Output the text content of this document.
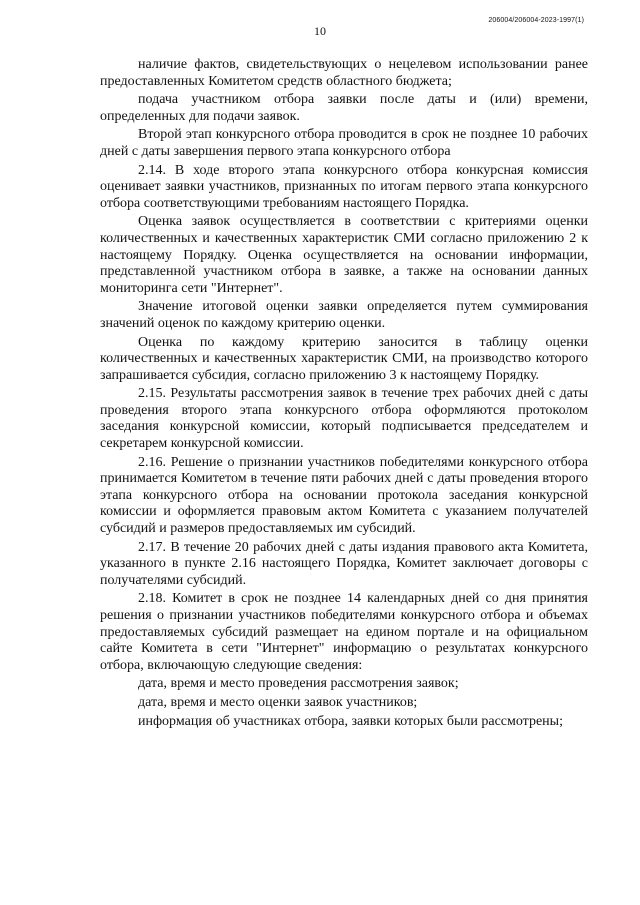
10
206004/206004-2023-1997(1)

наличие фактов, свидетельствующих о нецелевом использовании ранее предоставленных Комитетом средств областного бюджета;

подача участником отбора заявки после даты и (или) времени, определенных для подачи заявок.

Второй этап конкурсного отбора проводится в срок не позднее 10 рабочих дней с даты завершения первого этапа конкурсного отбора

2.14. В ходе второго этапа конкурсного отбора конкурсная комиссия оценивает заявки участников, признанных по итогам первого этапа конкурсного отбора соответствующими требованиям настоящего Порядка.

Оценка заявок осуществляется в соответствии с критериями оценки количественных и качественных характеристик СМИ согласно приложению 2 к настоящему Порядку. Оценка осуществляется на основании информации, представленной участником отбора в заявке, а также на основании данных мониторинга сети "Интернет".

Значение итоговой оценки заявки определяется путем суммирования значений оценок по каждому критерию оценки.

Оценка по каждому критерию заносится в таблицу оценки количественных и качественных характеристик СМИ, на производство которого запрашивается субсидия, согласно приложению 3 к настоящему Порядку.

2.15. Результаты рассмотрения заявок в течение трех рабочих дней с даты проведения второго этапа конкурсного отбора оформляются протоколом заседания конкурсной комиссии, который подписывается председателем и секретарем конкурсной комиссии.

2.16. Решение о признании участников победителями конкурсного отбора принимается Комитетом в течение пяти рабочих дней с даты проведения второго этапа конкурсного отбора на основании протокола заседания конкурсной комиссии и оформляется правовым актом Комитета с указанием получателей субсидий и размеров предоставляемых им субсидий.

2.17. В течение 20 рабочих дней с даты издания правового акта Комитета, указанного в пункте 2.16 настоящего Порядка, Комитет заключает договоры с получателями субсидий.

2.18. Комитет в срок не позднее 14 календарных дней со дня принятия решения о признании участников победителями конкурсного отбора и объемах предоставляемых субсидий размещает на едином портале и на официальном сайте Комитета в сети "Интернет" информацию о результатах конкурсного отбора, включающую следующие сведения:

дата, время и место проведения рассмотрения заявок;

дата, время и место оценки заявок участников;

информация об участниках отбора, заявки которых были рассмотрены;
